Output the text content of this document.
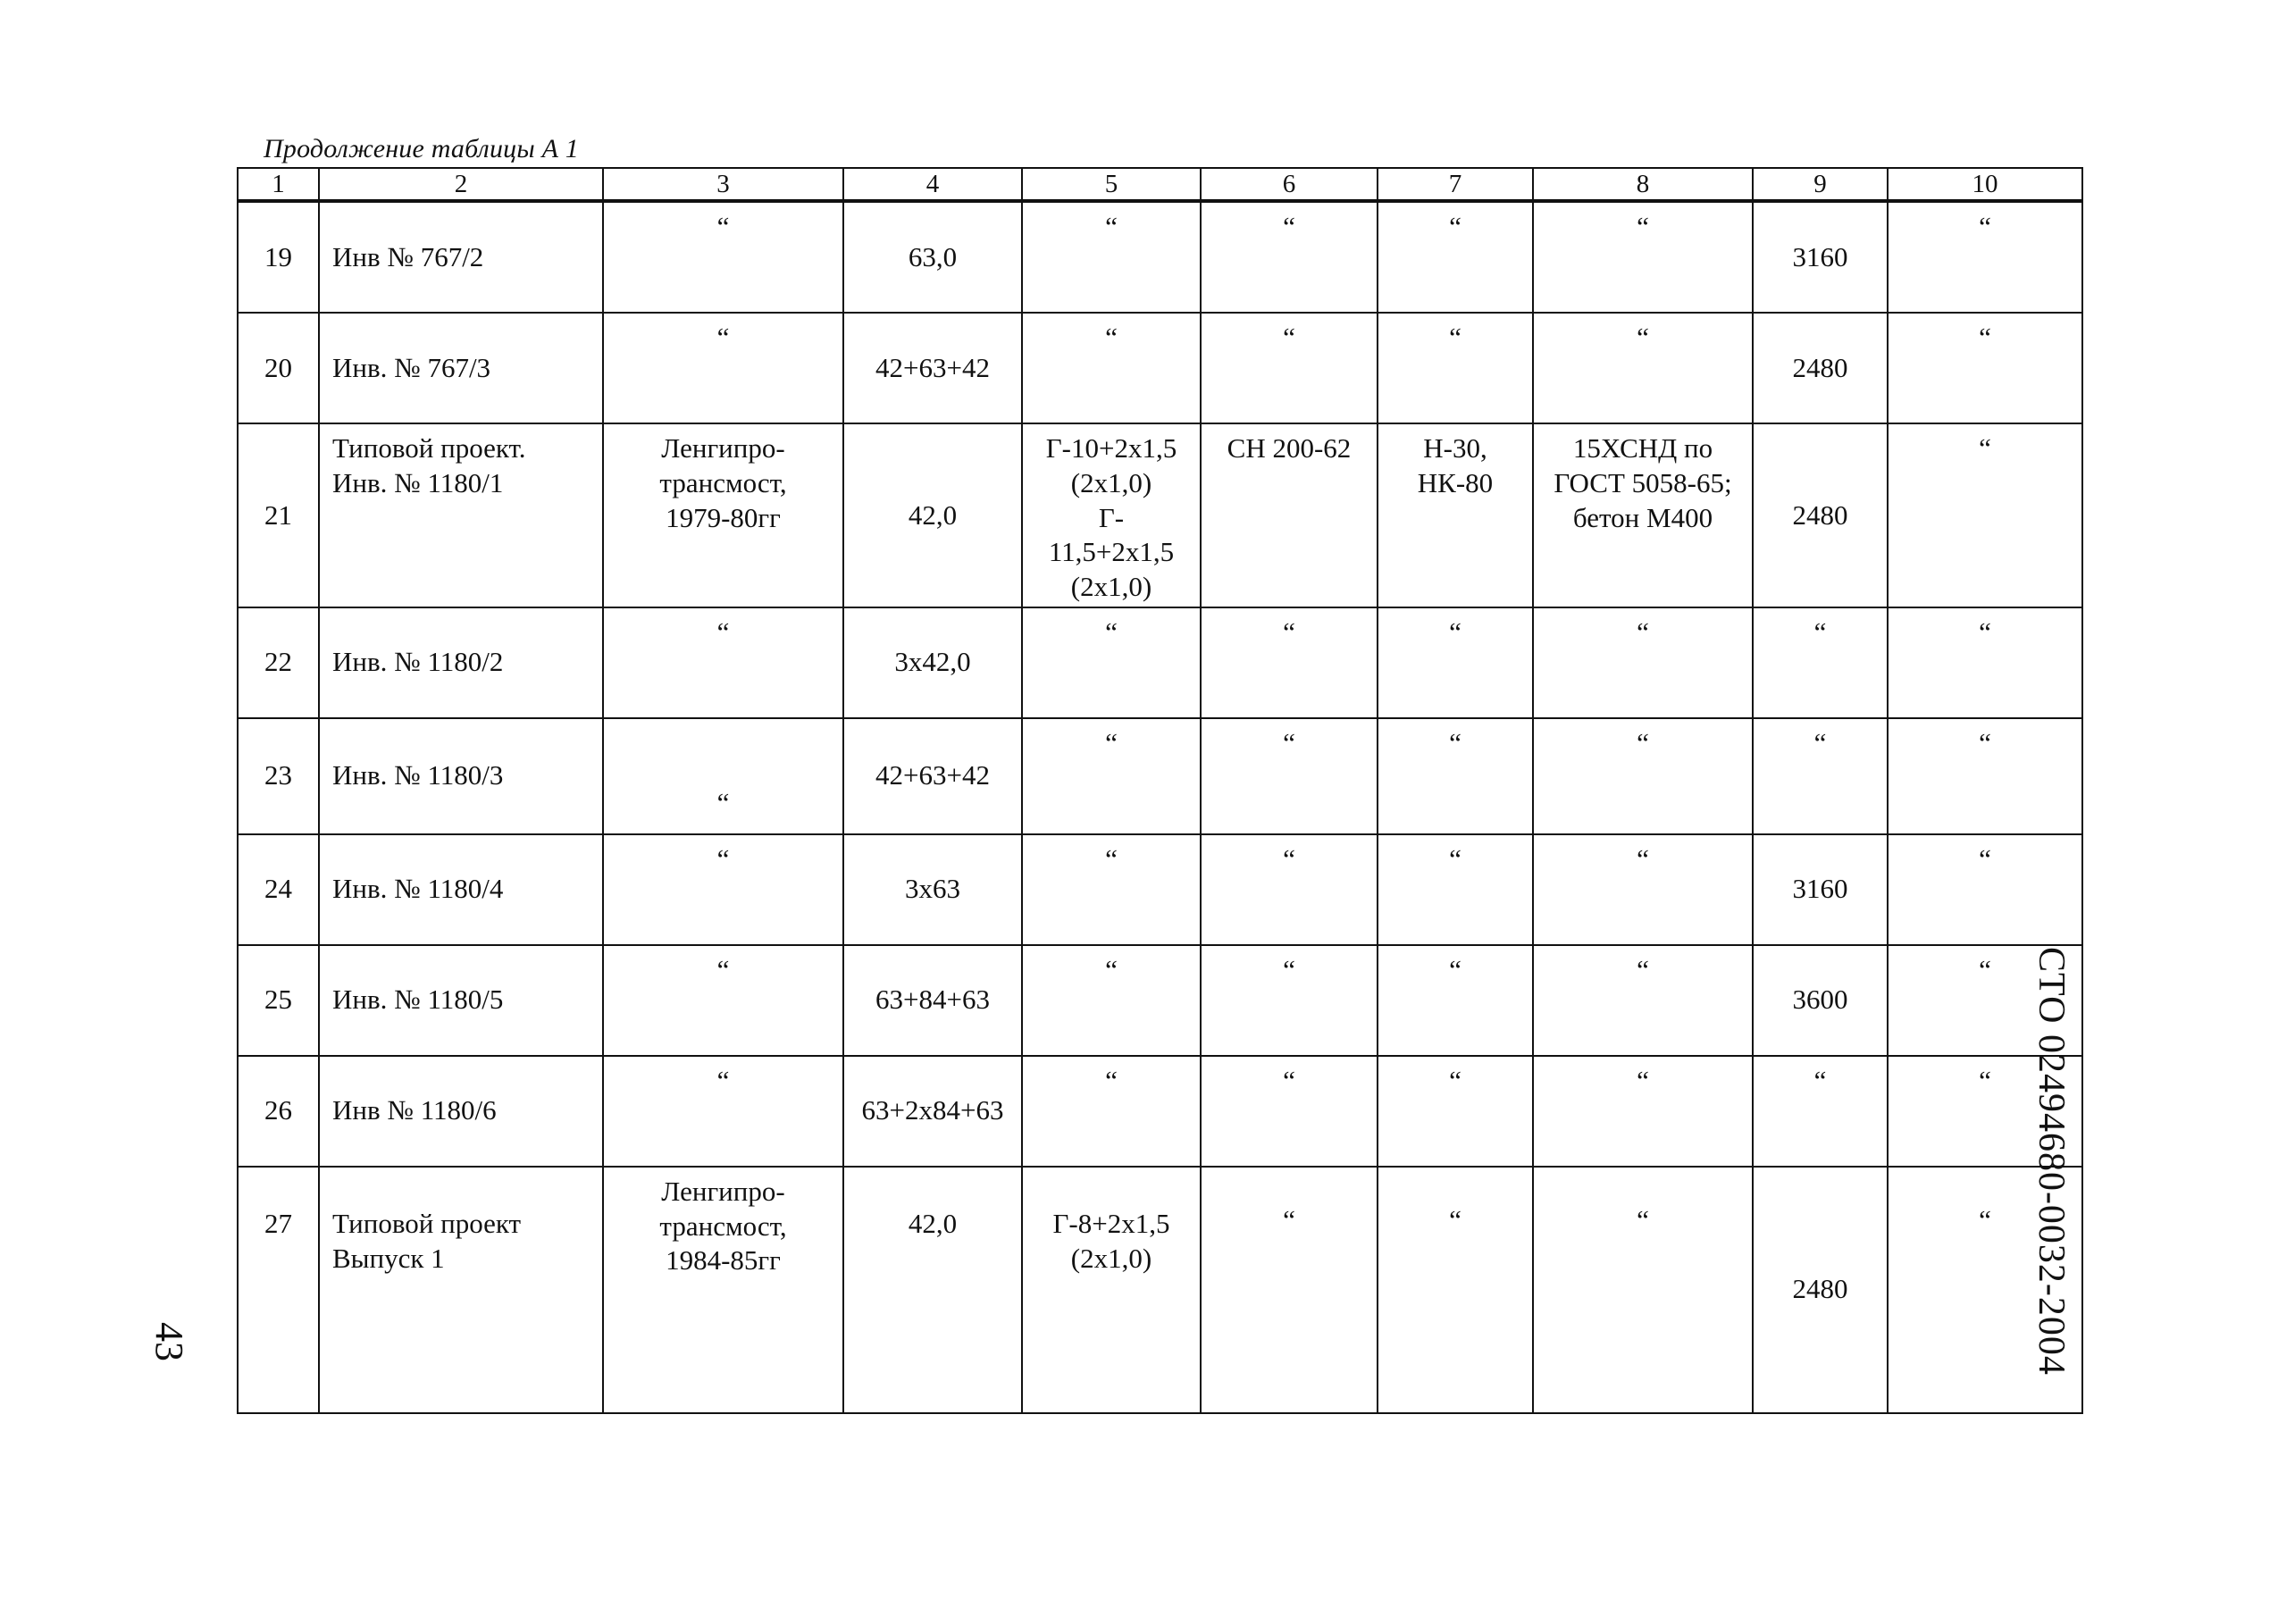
Продолжение таблицы А 1
1	2	3	4	5	6	7	8	9	10
19	Инв № 767/2	“	63,0	“	“	“	“	3160	“
20	Инв. № 767/3	“	42+63+42	“	“	“	“	2480	“
21	Типовой проект.
Инв. № 1180/1	Ленгипро-
трансмост,
1979-80гг	42,0	Г-10+2x1,5
(2x1,0)
Г-
11,5+2x1,5
(2x1,0)	СН 200-62	Н-30,
НК-80	15ХСНД по
ГОСТ 5058-65;
бетон М400	2480	“
22	Инв. № 1180/2	“	3x42,0	“	“	“	“	“	“
23	Инв. № 1180/3	“	42+63+42	“	“	“	“	“	“
24	Инв. № 1180/4	“	3x63	“	“	“	“	3160	“
25	Инв. № 1180/5	“	63+84+63	“	“	“	“	3600	“
26	Инв № 1180/6	“	63+2x84+63	“	“	“	“	“	“
27	Типовой проект
Выпуск 1	Ленгипро-
трансмост,
1984-85гг	42,0	Г-8+2x1,5
(2x1,0)	“	“	“	2480	“	СТО 02494680-0032-2004
43
